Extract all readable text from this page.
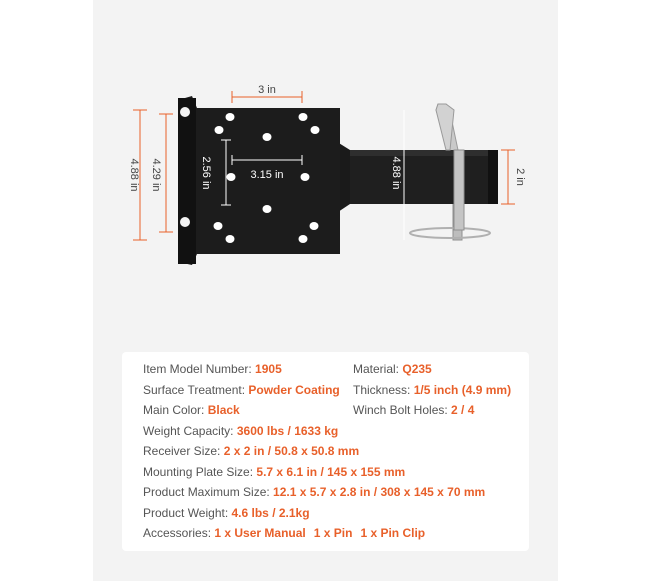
3 in
4.88 in 4.29 in	2.56 in	3.15 in	4.88 in	2 in
Item Model Number: 1905	Material: Q235
Surface Treatment: Powder Coating Thickness: 1/5 inch (4.9 mm)
Main Color: Black	Winch Bolt Holes: 2 / 4
Weight Capacity: 3600 lbs / 1633 kg
Receiver Size: 2 x 2 in / 50.8 x 50.8 mm
Mounting Plate Size: 5.7 x 6.1 in / 145 x 155 mm
Product Maximum Size: 12.1 x 5.7 x 2.8 in / 308 x 145 x 70 mm
Product Weight: 4.6 lbs / 2.1kg
Accessories: 1 x User Manual 1 x Pin 1 x Pin Clip
